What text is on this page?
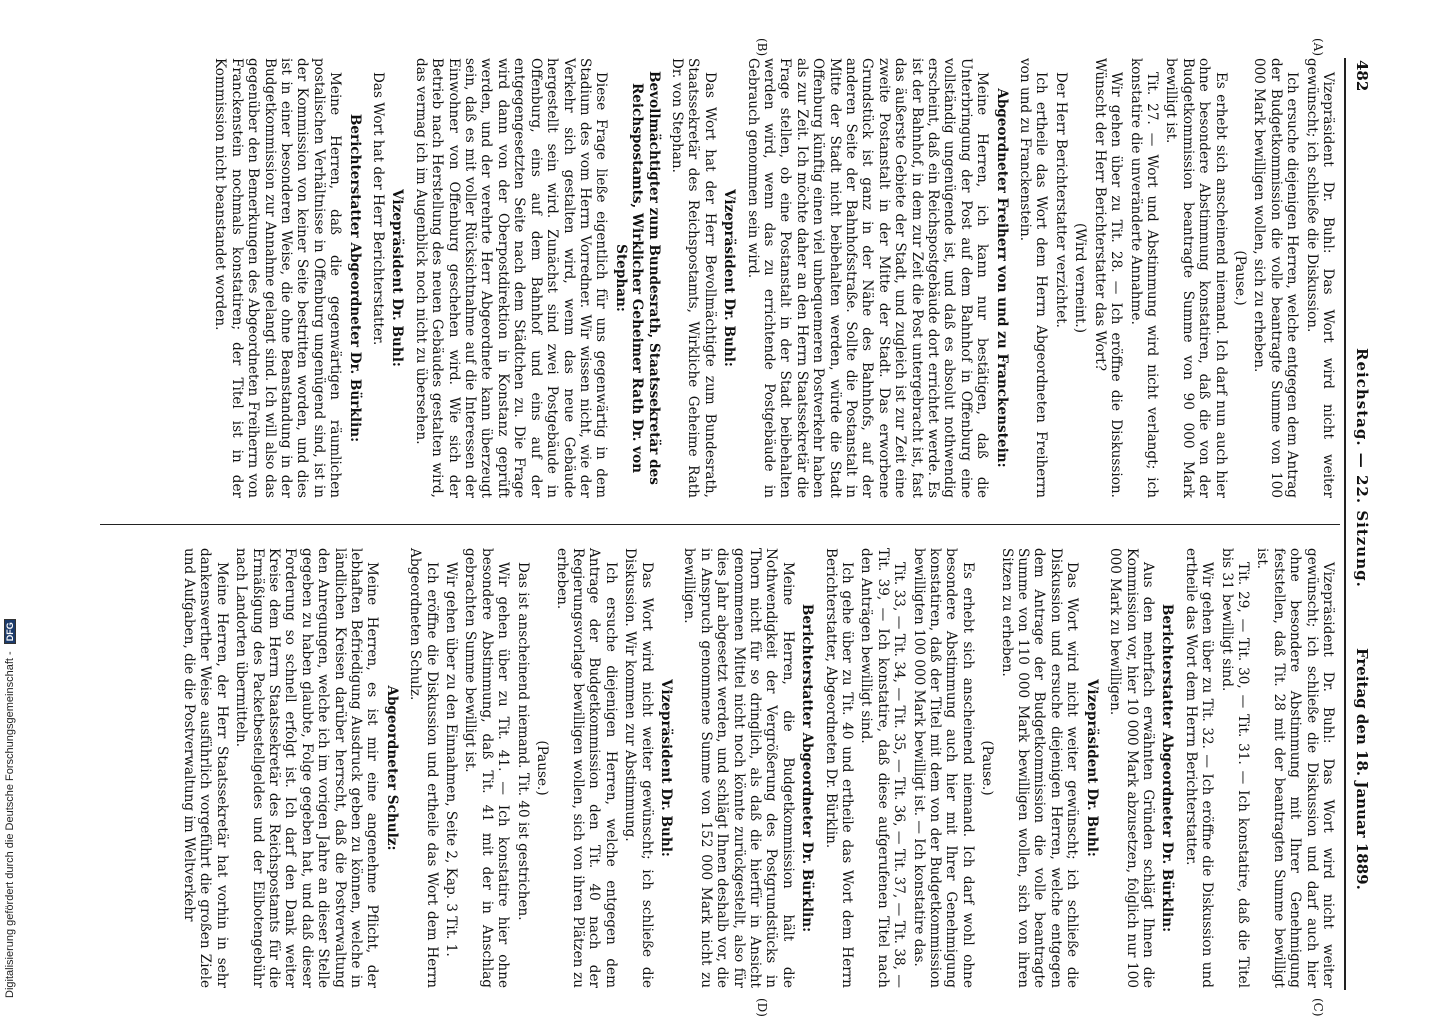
482
Reichstag. — 22. Sitzung.
Freitag den 18. Januar 1889.
(A)
(B)
(C)
(D)

Vizepräsident Dr. Buhl: Das Wort wird nicht weiter gewünscht; ich schließe die Diskussion.

Ich ersuche diejenigen Herren, welche entgegen dem Antrag der Budgetkommission die volle beantragte Summe von 100 000 Mark bewilligen wollen, sich zu erheben.

(Pause.)

Es erhebt sich anscheinend niemand. Ich darf nun auch hier ohne besondere Abstimmung konstatiren, daß die von der Budgetkommission beantragte Summe von 90 000 Mark bewilligt ist.

Tit. 27. — Wort und Abstimmung wird nicht verlangt; ich konstatire die unveränderte Annahme.

Wir gehen über zu Tit. 28. — Ich eröffne die Diskussion. Wünscht der Herr Berichterstatter das Wort?

(Wird verneint.)

Der Herr Berichterstatter verzichtet.

Ich ertheile das Wort dem Herrn Abgeordneten Freiherrn von und zu Franckenstein.

Abgeordneter Freiherr von und zu Franckenstein:

Meine Herren, ich kann nur bestätigen, daß die Unterbringung der Post auf dem Bahnhof in Offenburg eine vollständig ungenügende ist, und daß es absolut nothwendig erscheint, daß ein Reichspostgebäude dort errichtet werde. Es ist der Bahnhof, in dem zur Zeit die Post untergebracht ist, fast das äußerste Gebiete der Stadt, und zugleich ist zur Zeit eine zweite Postanstalt in der Mitte der Stadt. Das erworbene Grundstück ist ganz in der Nähe des Bahnhofs, auf der anderen Seite der Bahnhofsstraße. Sollte die Postanstalt in Mitte der Stadt nicht beibehalten werden, würde die Stadt Offenburg künftig einen viel unbequemeren Postverkehr haben als zur Zeit. Ich möchte daher an den Herrn Staatssekretär die Frage stellen, ob eine Postanstalt in der Stadt beibehalten werden wird, wenn das zu errichtende Postgebäude in Gebrauch genommen sein wird.

Vizepräsident Dr. Buhl:

Das Wort hat der Herr Bevollmächtigte zum Bundesrath, Staatssekretär des Reichspostamts, Wirkliche Geheime Rath Dr. von Stephan.

Bevollmächtigter zum Bundesrath, Staatssekretär des Reichspostamts, Wirklicher Geheimer Rath Dr. von Stephan:

Diese Frage ließe eigentlich für uns gegenwärtig in dem Stadium des vom Herrn Vorredner. Wir wissen nicht, wie der Verkehr sich gestalten wird, wenn das neue Gebäude hergestellt sein wird. Zunächst sind zwei Postgebäude in Offenburg, eins auf dem Bahnhof und eins auf der entgegengesetzten Seite nach dem Städtchen zu. Die Frage wird dann von der Oberpostdirektion in Konstanz geprüft werden, und der verehrte Herr Abgeordnete kann überzeugt sein, daß es mit voller Rücksichtnahme auf die Interessen der Einwohner von Offenburg geschehen wird. Wie sich der Betrieb nach Herstellung des neuen Gebäudes gestalten wird, das vermag ich im Augenblick noch nicht zu übersehen.

Vizepräsident Dr. Buhl:

Das Wort hat der Herr Berichterstatter.

Berichterstatter Abgeordneter Dr. Bürklin:

Meine Herren, daß die gegenwärtigen räumlichen postalischen Verhältnisse in Offenburg ungenügend sind, ist in der Kommission von keiner Seite bestritten worden, und dies ist in einer besonderen Weise, die ohne Beanstandung in der Budgetkommission zur Annahme gelangt sind. Ich will also das gegenüber den Bemerkungen des Abgeordneten Freiherrn von Franckenstein nochmals konstatiren; der Titel ist in der Kommission nicht beanstandet worden.

Vizepräsident Dr. Buhl: Das Wort wird nicht weiter gewünscht; ich schließe die Diskussion und darf auch hier ohne besondere Abstimmung mit Ihrer Genehmigung feststellen, daß Tit. 28 mit der beantragten Summe bewilligt ist.

Tit. 29, — Tit. 30, — Tit. 31. — Ich konstatire, daß die Titel bis 31 bewilligt sind.

Wir gehen über zu Tit. 32. — Ich eröffne die Diskussion und ertheile das Wort dem Herrn Berichterstatter.

Berichterstatter Abgeordneter Dr. Bürklin:

Aus den mehrfach erwähnten Gründen schlägt Ihnen die Kommission vor, hier 10 000 Mark abzusetzen, folglich nur 100 000 Mark zu bewilligen.

Vizepräsident Dr. Buhl:

Das Wort wird nicht weiter gewünscht; ich schließe die Diskussion und ersuche diejenigen Herren, welche entgegen dem Antrage der Budgetkommission die volle beantragte Summe von 110 000 Mark bewilligen wollen, sich von ihren Sitzen zu erheben.

(Pause.)

Es erhebt sich anscheinend niemand. Ich darf wohl ohne besondere Abstimmung auch hier mit Ihrer Genehmigung konstatiren, daß der Titel mit dem von der Budgetkommission bewilligten 100 000 Mark bewilligt ist. — Ich konstatire das.

Tit. 33, — Tit. 34, — Tit. 35, — Tit. 36, — Tit. 37, — Tit. 38, — Tit. 39, — Ich konstatire, daß diese aufgerufenen Titel nach den Anträgen bewilligt sind.

Ich gehe über zu Tit. 40 und ertheile das Wort dem Herrn Berichterstatter, Abgeordneten Dr. Bürklin.

Berichterstatter Abgeordneter Dr. Bürklin:

Meine Herren, die Budgetkommission hält die Nothwendigkeit der Vergrößerung des Postgrundstücks in Thorn nicht für so dringlich, als daß die hierfür in Ansicht genommenen Mittel nicht noch könnte zurückgestellt, also für dies Jahr abgesetzt werden, und schlägt Ihnen deshalb vor, die in Anspruch genommene Summe von 152 000 Mark nicht zu bewilligen.

Vizepräsident Dr. Buhl:

Das Wort wird nicht weiter gewünscht; ich schließe die Diskussion. Wir kommen zur Abstimmung.

Ich ersuche diejenigen Herren, welche entgegen dem Antrage der Budgetkommission den Tit. 40 nach der Regierungsvorlage bewilligen wollen, sich von ihren Plätzen zu erheben.

(Pause.)

Das ist anscheinend niemand. Tit. 40 ist gestrichen.

Wir gehen über zu Tit. 41. — Ich konstatire hier ohne besondere Abstimmung, daß Tit. 41 mit der in Anschlag gebrachten Summe bewilligt ist.

Wir gehen über zu den Einnahmen, Seite 2, Kap. 3 Tit. 1.

Ich eröffne die Diskussion und ertheile das Wort dem Herrn Abgeordneten Schulz.

Abgeordneter Schulz:

Meine Herren, es ist mir eine angenehme Pflicht, der lebhaften Befriedigung Ausdruck geben zu können, welche in ländlichen Kreisen darüber herrscht, daß die Postverwaltung den Anregungen, welche ich im vorigen Jahre an dieser Stelle gegeben zu haben glaubte, Folge gegeben hat, und daß dieser Forderung so schnell erfolgt ist. Ich darf den Dank weiter Kreise dem Herrn Staatssekretär des Reichspostamts für die Ermäßigung des Packetbestellgeldes und der Eilbotengebühr nach Landorten übermitteln.

Meine Herren, der Herr Staatssekretär hat vorhin in sehr dankenswerther Weise ausführlich vorgeführt die großen Ziele und Aufgaben, die die Postverwaltung im Weltverkehr

Digitalisierung gefördert durch die Deutsche Forschungsgemeinschaft - DFG
